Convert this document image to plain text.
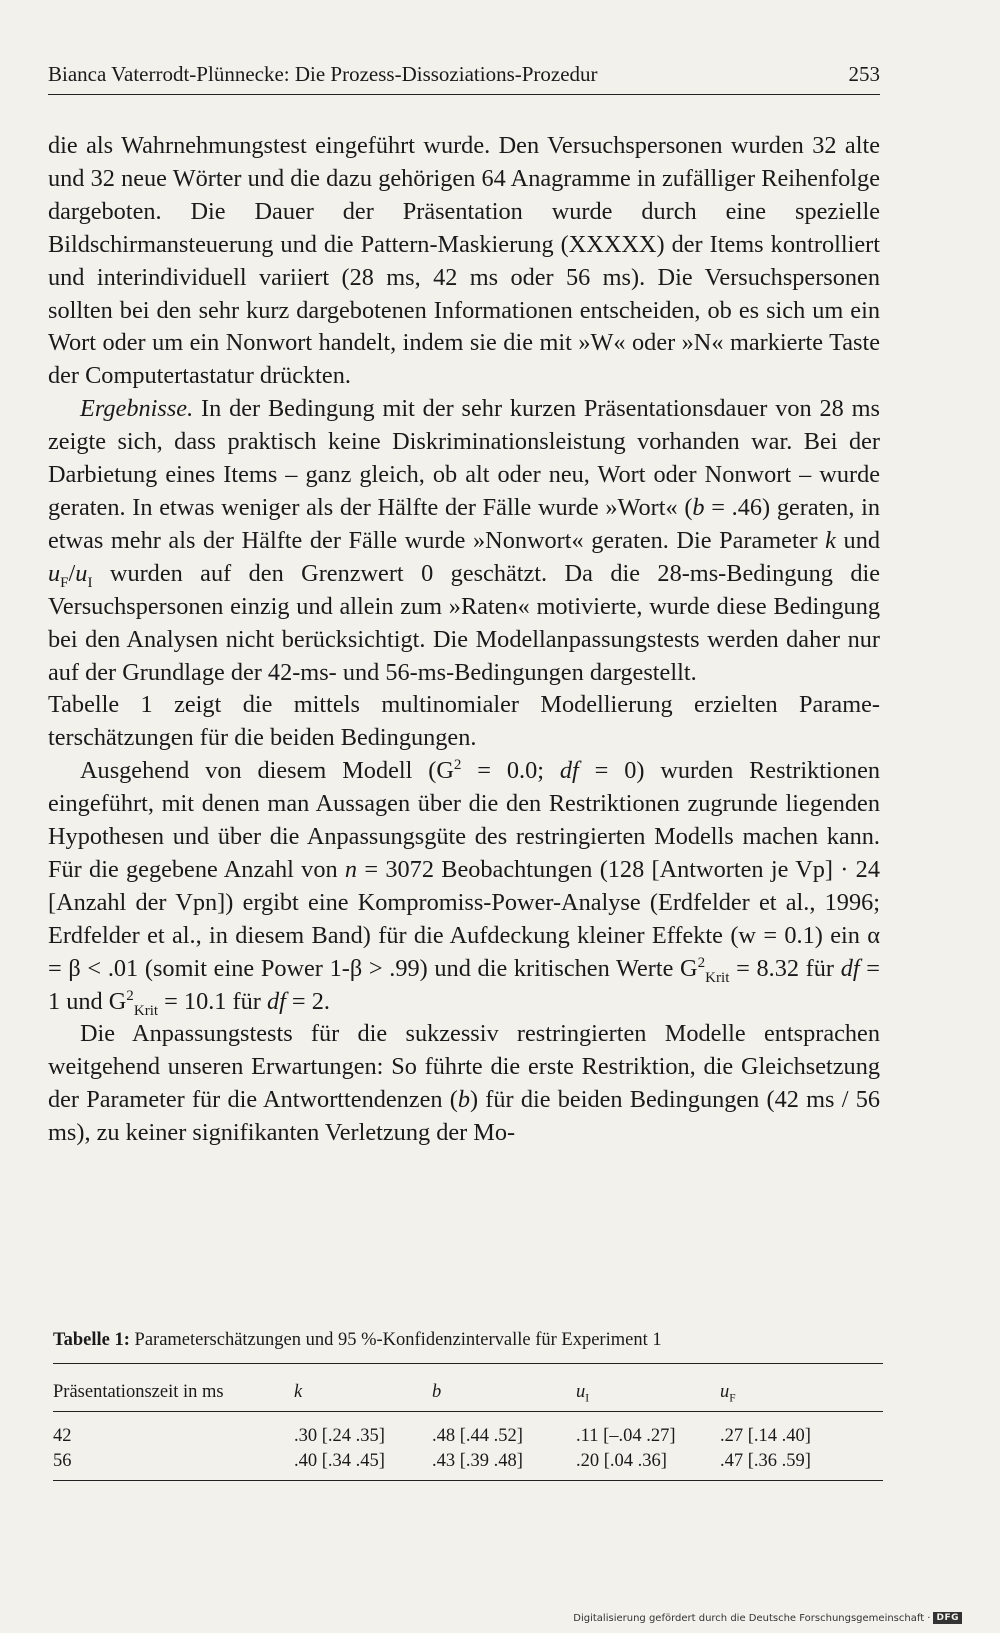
Bianca Vaterrodt-Plünnecke: Die Prozess-Dissoziations-Prozedur	253

die als Wahrnehmungstest eingeführt wurde. Den Versuchspersonen wurden 32 alte und 32 neue Wörter und die dazu gehörigen 64 Anagramme in zufälliger Reihenfolge dargeboten. Die Dauer der Präsentation wurde durch eine spezielle Bildschirmansteuerung und die Pattern-Maskierung (XXXXX) der Items kontrolliert und interindividuell variiert (28 ms, 42 ms oder 56 ms). Die Versuchspersonen sollten bei den sehr kurz dargebotenen Informationen entscheiden, ob es sich um ein Wort oder um ein Nonwort handelt, indem sie die mit »W« oder »N« markierte Taste der Computertastatur drückten.

Ergebnisse. In der Bedingung mit der sehr kurzen Präsentationsdauer von 28 ms zeigte sich, dass praktisch keine Diskriminationsleistung vorhanden war. Bei der Darbietung eines Items – ganz gleich, ob alt oder neu, Wort oder Nonwort – wurde geraten. In etwas weniger als der Hälfte der Fälle wurde »Wort« (b = .46) geraten, in etwas mehr als der Hälfte der Fälle wurde »Nonwort« geraten. Die Parameter k und $u_F/u_I$ wurden auf den Grenzwert 0 geschätzt. Da die 28-ms-Bedingung die Versuchspersonen einzig und allein zum »Raten« motivierte, wurde diese Bedingung bei den Analysen nicht berücksichtigt. Die Modellanpassungstests werden daher nur auf der Grundlage der 42-ms- und 56-ms-Bedingungen dargestellt.

Tabelle 1 zeigt die mittels multinomialer Modellierung erzielten Parameterschätzungen für die beiden Bedingungen.

Ausgehend von diesem Modell ($G^2 = 0.0$; df = 0) wurden Restriktionen eingeführt, mit denen man Aussagen über die den Restriktionen zugrunde liegenden Hypothesen und über die Anpassungsgüte des restringierten Modells machen kann. Für die gegebene Anzahl von n = 3072 Beobachtungen (128 [Antworten je Vp] · 24 [Anzahl der Vpn]) ergibt eine Kompromiss-Power-Analyse (Erdfelder et al., 1996; Erdfelder et al., in diesem Band) für die Aufdeckung kleiner Effekte (w = 0.1) ein α = β < .01 (somit eine Power 1-β > .99) und die kritischen Werte $G^2_{Krit} = 8.32$ für df = 1 und $G^2_{Krit} = 10.1$ für df = 2.

Die Anpassungstests für die sukzessiv restringierten Modelle entsprachen weitgehend unseren Erwartungen: So führte die erste Restriktion, die Gleichsetzung der Parameter für die Antworttendenzen (b) für die beiden Bedingungen (42 ms / 56 ms), zu keiner signifikanten Verletzung der Mo-

Tabelle 1: Parameterschätzungen und 95 %-Konfidenzintervalle für Experiment 1
Präsentationszeit in ms	k	b	$u_I$	$u_F$
42	.30 [.24 .35]	.48 [.44 .52]	.11 [–.04 .27] .27 [.14 .40]
56	.40 [.34 .45]	.43 [.39 .48]	.20 [.04 .36]	.47 [.36 .59]
Digitalisierung gefördert durch die Deutsche Forschungsgemeinschaft · DFG
